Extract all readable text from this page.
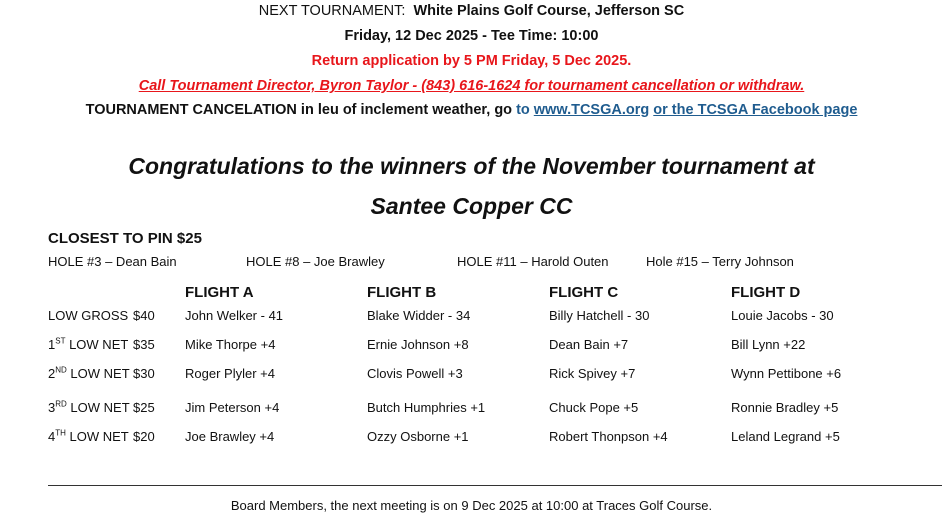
NEXT TOURNAMENT: White Plains Golf Course, Jefferson SC
Friday, 12 Dec 2025 - Tee Time: 10:00
Return application by 5 PM Friday, 5 Dec 2025.
Call Tournament Director, Byron Taylor - (843) 616-1624 for tournament cancellation or withdraw.
TOURNAMENT CANCELATION in leu of inclement weather, go to www.TCSGA.org or the TCSGA Facebook page
Congratulations to the winners of the November tournament at
Santee Copper CC
CLOSEST TO PIN $25
HOLE #3 – Dean Bain	HOLE #8 – Joe Brawley	HOLE #11 – Harold Outen	Hole #15 – Terry Johnson
FLIGHT A	FLIGHT B	FLIGHT C	FLIGHT D
LOW GROSS $40 John Welker - 41	Blake Widder - 34	Billy Hatchell - 30	Louie Jacobs - 30
1ST LOW NET $35 Mike Thorpe +4	Ernie Johnson +8	Dean Bain +7	Bill Lynn +22
2ND LOW NET $30 Roger Plyler +4	Clovis Powell +3	Rick Spivey +7	Wynn Pettibone +6
3RD LOW NET $25 Jim Peterson +4	Butch Humphries +1	Chuck Pope +5	Ronnie Bradley +5
4TH LOW NET $20 Joe Brawley +4	Ozzy Osborne +1	Robert Thonpson +4	Leland Legrand +5
Board Members, the next meeting is on 9 Dec 2025 at 10:00 at Traces Golf Course.
